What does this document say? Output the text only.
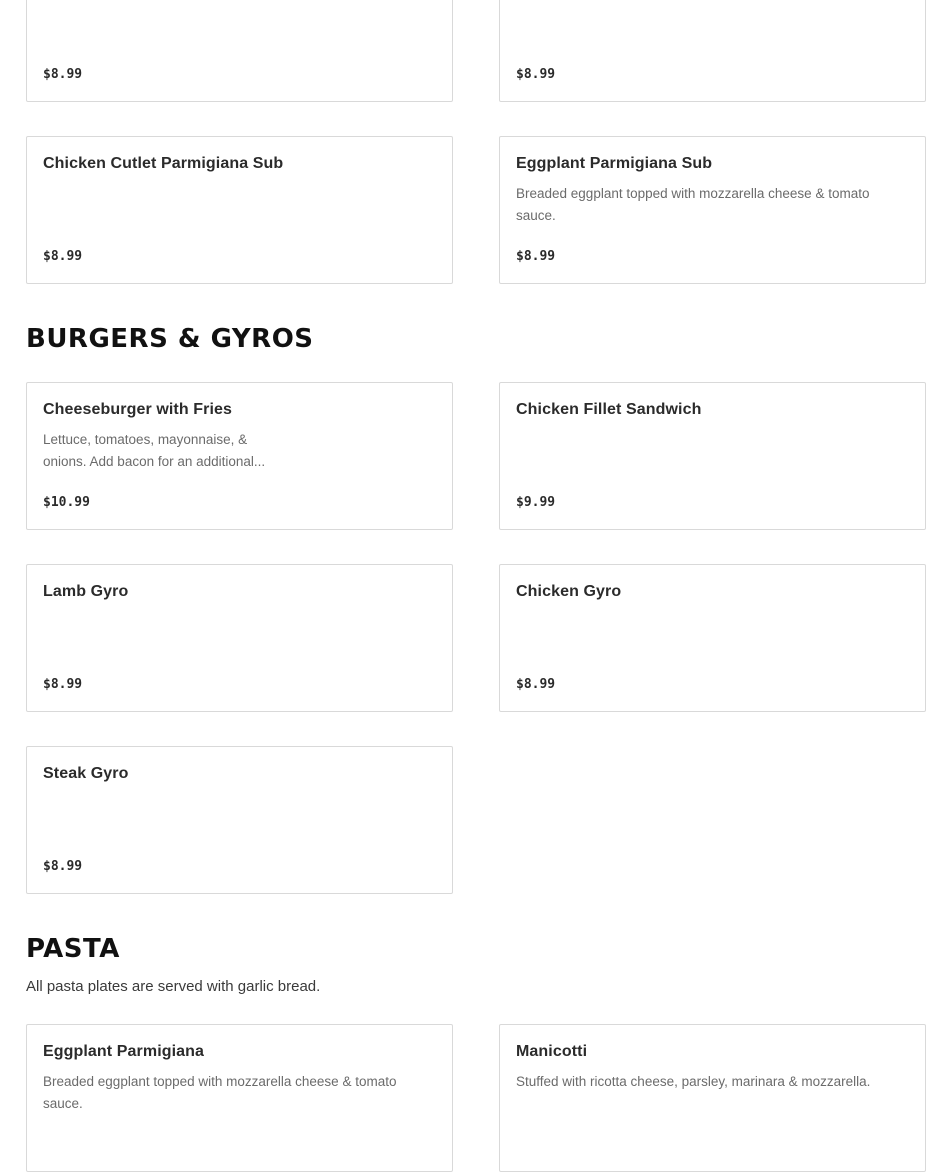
$8.99	$8.99
Chicken Cutlet Parmigiana Sub
$8.99
Eggplant Parmigiana Sub
Breaded eggplant topped with mozzarella cheese & tomato sauce.
$8.99
BURGERS & GYROS
Cheeseburger with Fries
Lettuce, tomatoes, mayonnaise, & onions. Add bacon for an additional...
$10.99
Chicken Fillet Sandwich
$9.99
Lamb Gyro
$8.99
Chicken Gyro
$8.99
Steak Gyro
$8.99
PASTA
All pasta plates are served with garlic bread.
Eggplant Parmigiana
Breaded eggplant topped with mozzarella cheese & tomato sauce.
Manicotti
Stuffed with ricotta cheese, parsley, marinara & mozzarella.
